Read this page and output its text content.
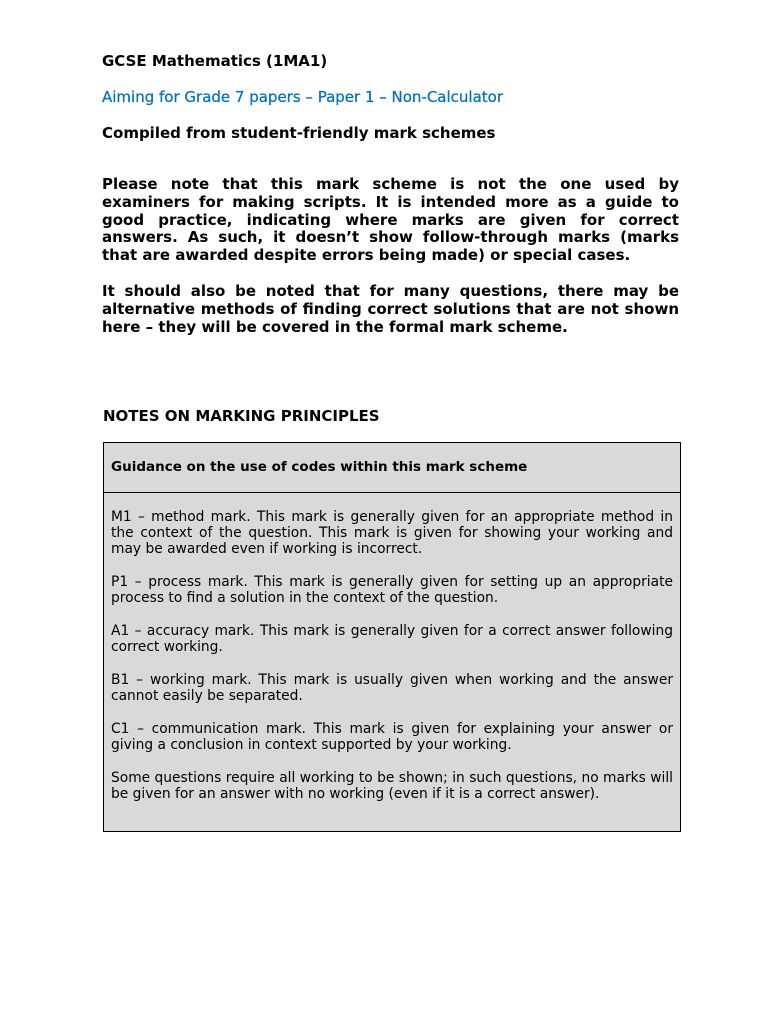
GCSE Mathematics (1MA1)

Aiming for Grade 7 papers – Paper 1 – Non-Calculator

Compiled from student-friendly mark schemes

Please note that this mark scheme is not the one used by examiners for making scripts. It is intended more as a guide to good practice, indicating where marks are given for correct answers. As such, it doesn’t show follow-through marks (marks that are awarded despite errors being made) or special cases.

It should also be noted that for many questions, there may be alternative methods of finding correct solutions that are not shown here – they will be covered in the formal mark scheme.

NOTES ON MARKING PRINCIPLES

Guidance on the use of codes within this mark scheme

M1 – method mark. This mark is generally given for an appropriate method in the context of the question. This mark is given for showing your working and may be awarded even if working is incorrect.

P1 – process mark. This mark is generally given for setting up an appropriate process to find a solution in the context of the question.

A1 – accuracy mark. This mark is generally given for a correct answer following correct working.

B1 – working mark. This mark is usually given when working and the answer cannot easily be separated.

C1 – communication mark. This mark is given for explaining your answer or giving a conclusion in context supported by your working.

Some questions require all working to be shown; in such questions, no marks will be given for an answer with no working (even if it is a correct answer).
